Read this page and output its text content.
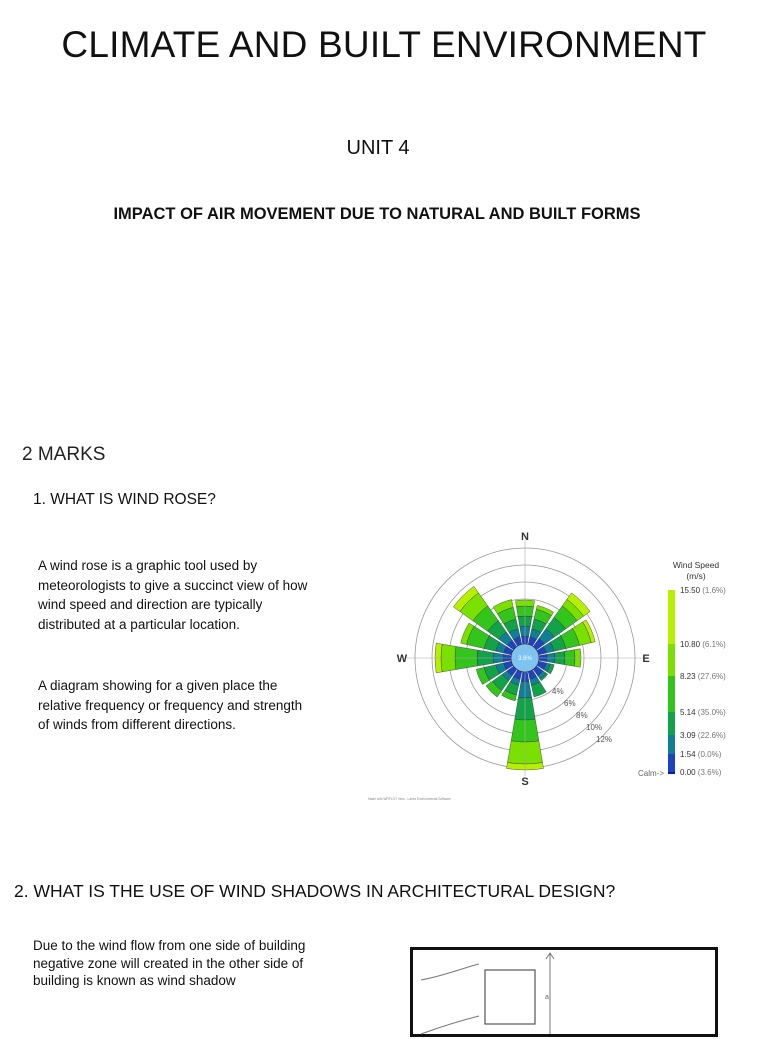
CLIMATE AND BUILT ENVIRONMENT
UNIT 4
IMPACT OF AIR MOVEMENT DUE TO NATURAL AND BUILT FORMS
2 MARKS
1. WHAT IS WIND ROSE?
A wind rose is a graphic tool used by meteorologists to give a succinct view of how wind speed and direction are typically distributed at a particular location.
A diagram showing for a given place the relative frequency or frequency and strength of winds from different directions.
3.6%
N
S
W	E
4%
6%
8%
10%
12%
Wind Speed
(m/s)
15.50 (1.6%)
10.80 (6.1%)
8.23 (27.6%)
5.14 (35.0%)
3.09 (22.6%)
1.54 (0.0%)
0.00 (3.6%)
Calm->
Made with WRPLOT View - Lakes Environmental Software
2. WHAT IS THE USE OF WIND SHADOWS IN ARCHITECTURAL DESIGN?
Due to the wind flow from one side of building negative zone will created in the other side of building is known as wind shadow
a
